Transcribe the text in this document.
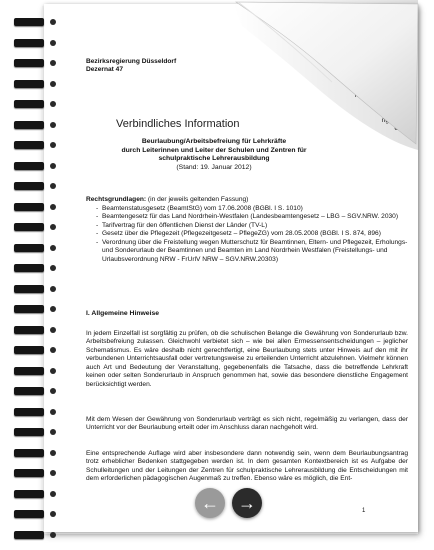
Bezirksregierung Düsseldorf
Dezernat 47
Verbindliches Information
Beurlaubung/Arbeitsbefreiung für Lehrkräfte
durch Leiterinnen und Leiter der Schulen und Zentren für
schulpraktische Lehrerausbildung
(Stand: 19. Januar 2012)
Rechtsgrundlagen: (in der jeweils geltenden Fassung)
- Beamtenstatusgesetz (BeamtStG) vom 17.06.2008 (BGBl. I S. 1010)
- Beamtengesetz für das Land Nordrhein-Westfalen (Landesbeamtengesetz – LBG – SGV.NRW. 2030)
- Tarifvertrag für den öffentlichen Dienst der Länder (TV-L)
- Gesetz über die Pflegezeit (Pflegezeitgesetz – PflegeZG) vom 28.05.2008 (BGBl. I S. 874, 896)
- Verordnung über die Freistellung wegen Mutterschutz für Beamtinnen, Eltern- und Pflegezeit, Erholungs- und Sonderurlaub der Beamtinnen und Beamten im Land Nordrhein Westfalen (Freistellungs- und Urlaubsverordnung NRW - FrUrlV NRW – SGV.NRW.20303)
I. Allgemeine Hinweise
In jedem Einzelfall ist sorgfältig zu prüfen, ob die schulischen Belange die Gewährung von Sonderurlaub bzw. Arbeitsbefreiung zulassen. Gleichwohl verbietet sich – wie bei allen Ermessensentscheidungen – jeglicher Schematismus. Es wäre deshalb nicht gerechtfertigt, eine Beurlaubung stets unter Hinweis auf den mit ihr verbundenen Unterrichtsausfall oder vertretungsweise zu erteilenden Unterricht abzulehnen. Vielmehr können auch Art und Bedeutung der Veranstaltung, gegebenenfalls die Tatsache, dass die betreffende Lehrkraft keinen oder selten Sonderurlaub in Anspruch genommen hat, sowie das besondere dienstliche Engagement berücksichtigt werden.
Mit dem Wesen der Gewährung von Sonderurlaub verträgt es sich nicht, regelmäßig zu verlangen, dass der Unterricht vor der Beurlaubung erteilt oder im Anschluss daran nachgeholt wird.
Eine entsprechende Auflage wird aber insbesondere dann notwendig sein, wenn dem Beurlaubungsantrag trotz erheblicher Bedenken stattgegeben werden ist. In dem gesamten Kontextbereich ist es Aufgabe der Schulleitungen und der Leitungen der Zentren für schulpraktische Lehrerausbildung die Entscheidungen mit dem erforderlichen pädagogischen Augenmaß zu treffen. Ebenso wäre es möglich, die Ent-
1
← →
